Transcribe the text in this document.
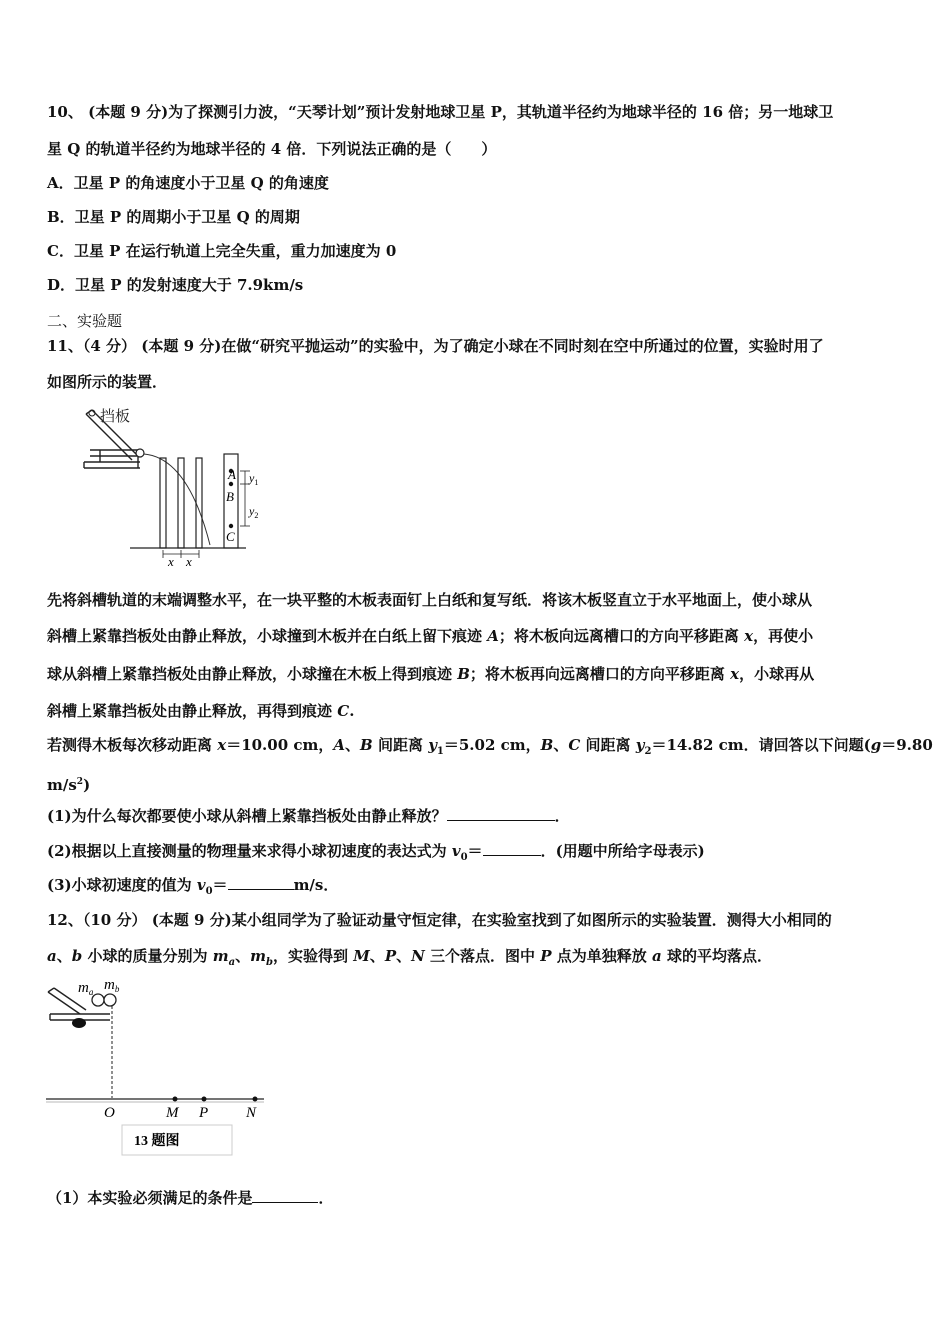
10、 (本题 9 分)为了探测引力波，“天琴计划”预计发射地球卫星 P，其轨道半径约为地球半径的 16 倍；另一地球卫
星 Q 的轨道半径约为地球半径的 4 倍．下列说法正确的是（　　）
A．卫星 P 的角速度小于卫星 Q 的角速度
B．卫星 P 的周期小于卫星 Q 的周期
C．卫星 P 在运行轨道上完全失重，重力加速度为 0
D．卫星 P 的发射速度大于 7.9km/s
二、实验题
11、（4 分） (本题 9 分)在做“研究平抛运动”的实验中，为了确定小球在不同时刻在空中所通过的位置，实验时用了
如图所示的装置．
挡板
A
B
C
$y_1$
$y_2$
x x
先将斜槽轨道的末端调整水平，在一块平整的木板表面钉上白纸和复写纸．将该木板竖直立于水平地面上，使小球从
斜槽上紧靠挡板处由静止释放，小球撞到木板并在白纸上留下痕迹 A；将木板向远离槽口的方向平移距离 x，再使小
球从斜槽上紧靠挡板处由静止释放，小球撞在木板上得到痕迹 B；将木板再向远离槽口的方向平移距离 x，小球再从
斜槽上紧靠挡板处由静止释放，再得到痕迹 C.
若测得木板每次移动距离 x＝10.00 cm，A、B 间距离 $y_1=5.02$ cm，B、C 间距离 $y_2=14.82$ cm．请回答以下问题(g＝9.80
$m/s^2$)
(1)为什么每次都要使小球从斜槽上紧靠挡板处由静止释放？	．
(2)根据以上直接测量的物理量来求得小球初速度的表达式为 $v_0=$	．(用题中所给字母表示)
(3)小球初速度的值为 $v_0=$	m/s．
12、（10 分） (本题 9 分)某小组同学为了验证动量守恒定律，在实验室找到了如图所示的实验装置．测得大小相同的
a、b 小球的质量分别为 $m_a$、$m_b$，实验得到 M、P、N 三个落点．图中 P 点为单独释放 a 球的平均落点．
$m_a$ $m_b$
O	M P	N
13 题图
（1）本实验必须满足的条件是	．
